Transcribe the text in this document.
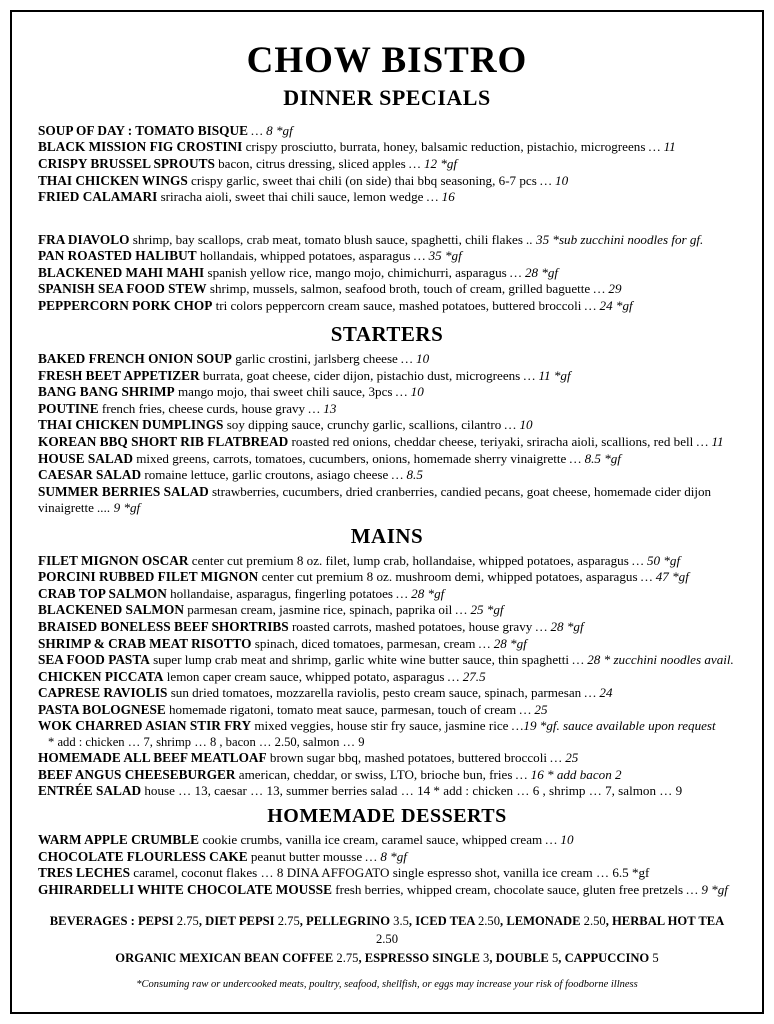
CHOW BISTRO
DINNER SPECIALS
SOUP OF DAY : TOMATO BISQUE … 8 *gf
BLACK MISSION FIG CROSTINI crispy prosciutto, burrata, honey, balsamic reduction, pistachio, microgreens … 11
CRISPY BRUSSEL SPROUTS bacon, citrus dressing, sliced apples … 12 *gf
THAI CHICKEN WINGS crispy garlic, sweet thai chili (on side) thai bbq seasoning, 6-7 pcs … 10
FRIED CALAMARI sriracha aioli, sweet thai chili sauce, lemon wedge … 16
FRA DIAVOLO shrimp, bay scallops, crab meat, tomato blush sauce, spaghetti, chili flakes .. 35 *sub zucchini noodles for gf.
PAN ROASTED HALIBUT hollandais, whipped potatoes, asparagus … 35 *gf
BLACKENED MAHI MAHI spanish yellow rice, mango mojo, chimichurri, asparagus … 28 *gf
SPANISH SEA FOOD STEW shrimp, mussels, salmon, seafood broth, touch of cream, grilled baguette … 29
PEPPERCORN PORK CHOP tri colors peppercorn cream sauce, mashed potatoes, buttered broccoli … 24 *gf
STARTERS
BAKED FRENCH ONION SOUP garlic crostini, jarlsberg cheese … 10
FRESH BEET APPETIZER burrata, goat cheese, cider dijon, pistachio dust, microgreens … 11 *gf
BANG BANG SHRIMP mango mojo, thai sweet chili sauce, 3pcs … 10
POUTINE french fries, cheese curds, house gravy … 13
THAI CHICKEN DUMPLINGS soy dipping sauce, crunchy garlic, scallions, cilantro … 10
KOREAN BBQ SHORT RIB FLATBREAD roasted red onions, cheddar cheese, teriyaki, sriracha aioli, scallions, red bell … 11
HOUSE SALAD mixed greens, carrots, tomatoes, cucumbers, onions, homemade sherry vinaigrette … 8.5 *gf
CAESAR SALAD romaine lettuce, garlic croutons, asiago cheese … 8.5
SUMMER BERRIES SALAD strawberries, cucumbers, dried cranberries, candied pecans, goat cheese, homemade cider dijon vinaigrette .... 9 *gf
MAINS
FILET MIGNON OSCAR center cut premium 8 oz. filet, lump crab, hollandaise, whipped potatoes, asparagus … 50 *gf
PORCINI RUBBED FILET MIGNON center cut premium 8 oz. mushroom demi, whipped potatoes, asparagus … 47 *gf
CRAB TOP SALMON hollandaise, asparagus, fingerling potatoes … 28 *gf
BLACKENED SALMON parmesan cream, jasmine rice, spinach, paprika oil … 25 *gf
BRAISED BONELESS BEEF SHORTRIBS roasted carrots, mashed potatoes, house gravy … 28 *gf
SHRIMP & CRAB MEAT RISOTTO spinach, diced tomatoes, parmesan, cream … 28 *gf
SEA FOOD PASTA super lump crab meat and shrimp, garlic white wine butter sauce, thin spaghetti … 28 * zucchini noodles avail.
CHICKEN PICCATA lemon caper cream sauce, whipped potato, asparagus … 27.5
CAPRESE RAVIOLIS sun dried tomatoes, mozzarella raviolis, pesto cream sauce, spinach, parmesan … 24
PASTA BOLOGNESE homemade rigatoni, tomato meat sauce, parmesan, touch of cream … 25
WOK CHARRED ASIAN STIR FRY mixed veggies, house stir fry sauce, jasmine rice …19 *gf. sauce available upon request
* add : chicken … 7, shrimp … 8 , bacon … 2.50, salmon … 9
HOMEMADE ALL BEEF MEATLOAF brown sugar bbq, mashed potatoes, buttered broccoli … 25
BEEF ANGUS CHEESEBURGER american, cheddar, or swiss, LTO, brioche bun, fries … 16 * add bacon 2
ENTRÉE SALAD house … 13, caesar … 13, summer berries salad … 14 * add : chicken … 6 , shrimp … 7, salmon … 9
HOMEMADE DESSERTS
WARM APPLE CRUMBLE cookie crumbs, vanilla ice cream, caramel sauce, whipped cream … 10
CHOCOLATE FLOURLESS CAKE peanut butter mousse … 8 *gf
TRES LECHES caramel, coconut flakes … 8 DINA AFFOGATO single espresso shot, vanilla ice cream … 6.5 *gf
GHIRARDELLI WHITE CHOCOLATE MOUSSE fresh berries, whipped cream, chocolate sauce, gluten free pretzels … 9 *gf
BEVERAGES : PEPSI 2.75, DIET PEPSI 2.75, PELLEGRINO 3.5, ICED TEA 2.50, LEMONADE 2.50, HERBAL HOT TEA 2.50
ORGANIC MEXICAN BEAN COFFEE 2.75, ESPRESSO SINGLE 3, DOUBLE 5, CAPPUCCINO 5
*Consuming raw or undercooked meats, poultry, seafood, shellfish, or eggs may increase your risk of foodborne illness
